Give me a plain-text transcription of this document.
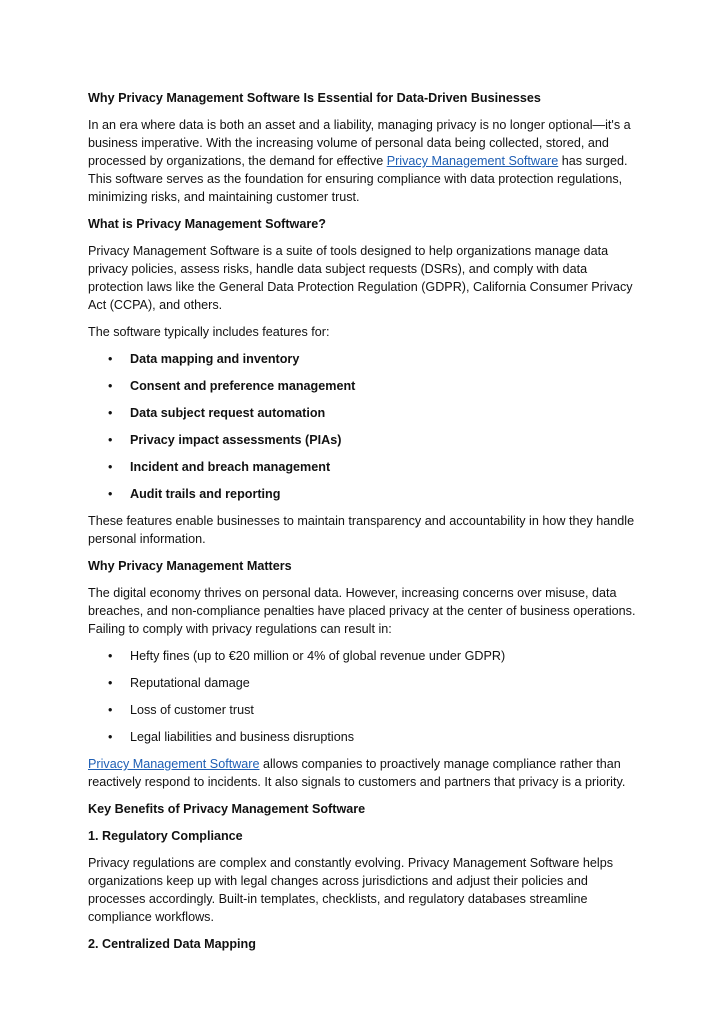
Why Privacy Management Software Is Essential for Data-Driven Businesses
In an era where data is both an asset and a liability, managing privacy is no longer optional—it's a business imperative. With the increasing volume of personal data being collected, stored, and processed by organizations, the demand for effective Privacy Management Software has surged. This software serves as the foundation for ensuring compliance with data protection regulations, minimizing risks, and maintaining customer trust.
What is Privacy Management Software?
Privacy Management Software is a suite of tools designed to help organizations manage data privacy policies, assess risks, handle data subject requests (DSRs), and comply with data protection laws like the General Data Protection Regulation (GDPR), California Consumer Privacy Act (CCPA), and others.
The software typically includes features for:
• Data mapping and inventory
• Consent and preference management
• Data subject request automation
• Privacy impact assessments (PIAs)
• Incident and breach management
• Audit trails and reporting
These features enable businesses to maintain transparency and accountability in how they handle personal information.
Why Privacy Management Matters
The digital economy thrives on personal data. However, increasing concerns over misuse, data breaches, and non-compliance penalties have placed privacy at the center of business operations. Failing to comply with privacy regulations can result in:
• Hefty fines (up to €20 million or 4% of global revenue under GDPR)
• Reputational damage
• Loss of customer trust
• Legal liabilities and business disruptions
Privacy Management Software allows companies to proactively manage compliance rather than reactively respond to incidents. It also signals to customers and partners that privacy is a priority.
Key Benefits of Privacy Management Software
1. Regulatory Compliance
Privacy regulations are complex and constantly evolving. Privacy Management Software helps organizations keep up with legal changes across jurisdictions and adjust their policies and processes accordingly. Built-in templates, checklists, and regulatory databases streamline compliance workflows.
2. Centralized Data Mapping
